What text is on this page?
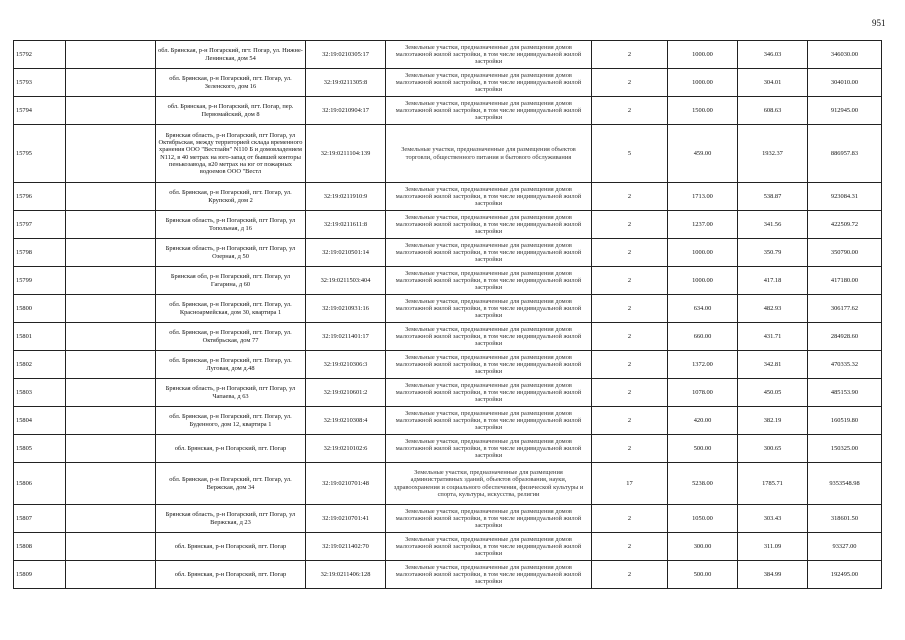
951
15792		обл. Брянская, р-н Погарский, пгт. Погар, ул. Нижне-Ленинская, дом 54	32:19:0210305:17	Земельные участки, предназначенные для размещения домов малоэтажной жилой застройки, в том числе индивидуальной жилой застройки	2	1000.00	346.03	346030.00
15793		обл. Брянская, р-н Погарский, пгт. Погар, ул. Зеленского, дом 16	32:19:0211305:8	Земельные участки, предназначенные для размещения домов малоэтажной жилой застройки, в том числе индивидуальной жилой застройки	2	1000.00	304.01	304010.00
15794		обл. Брянская, р-н Погарский, пгт. Погар, пер. Первомайский, дом 8	32:19:0210904:17	Земельные участки, предназначенные для размещения домов малоэтажной жилой застройки, в том числе индивидуальной жилой застройки	2	1500.00	608.63	912945.00
15795		Брянская область, р-н Погарский, пгт Погар, ул Октябрьская, между территорией склада временного хранения ООО "Вестлайн" N110 Б и домовладением N112, в 40 метрах на юго-запад от бывшей конторы пенькозавода, в20 метрах на юг от пожарных водоемов ООО "Вестл	32:19:0211104:139	Земельные участки, предназначенные для размещения объектов торговли, общественного питания и бытового обслуживания	5	459.00	1932.37	886957.83
15796		обл. Брянская, р-н Погарский, пгт. Погар, ул. Крупской, дом 2	32:19:0211910:9	Земельные участки, предназначенные для размещения домов малоэтажной жилой застройки, в том числе индивидуальной жилой застройки	2	1713.00	538.87	923084.31
15797		Брянская область, р-н Погарский, пгт Погар, ул Топольная, д 16	32:19:0211611:8	Земельные участки, предназначенные для размещения домов малоэтажной жилой застройки, в том числе индивидуальной жилой застройки	2	1237.00	341.56	422509.72
15798		Брянская область, р-н Погарский, пгт Погар, ул Озерная, д 50	32:19:0210501:14	Земельные участки, предназначенные для размещения домов малоэтажной жилой застройки, в том числе индивидуальной жилой застройки	2	1000.00	350.79	350790.00
15799		Брянская обл, р-н Погарский, пгт. Погар, ул Гагарина, д 60	32:19:0211503:404	Земельные участки, предназначенные для размещения домов малоэтажной жилой застройки, в том числе индивидуальной жилой застройки	2	1000.00	417.18	417180.00
15800		обл. Брянская, р-н Погарский, пгт. Погар, ул. Красноармейская, дом 30, квартира 1	32:19:0210931:16	Земельные участки, предназначенные для размещения домов малоэтажной жилой застройки, в том числе индивидуальной жилой застройки	2	634.00	482.93	306177.62
15801		обл. Брянская, р-н Погарский, пгт. Погар, ул. Октябрьская, дом 77	32:19:0211401:17	Земельные участки, предназначенные для размещения домов малоэтажной жилой застройки, в том числе индивидуальной жилой застройки	2	660.00	431.71	284928.60
15802		обл. Брянская, р-н Погарский, пгт. Погар, ул. Луговая, дом д.48	32:19:0210306:3	Земельные участки, предназначенные для размещения домов малоэтажной жилой застройки, в том числе индивидуальной жилой застройки	2	1372.00	342.81	470335.32
15803		Брянская область, р-н Погарский, пгт Погар, ул Чапаева, д 63	32:19:0210601:2	Земельные участки, предназначенные для размещения домов малоэтажной жилой застройки, в том числе индивидуальной жилой застройки	2	1078.00	450.05	485153.90
15804		обл. Брянская, р-н Погарский, пгт. Погар, ул. Буденного, дом 12, квартира 1	32:19:0210308:4	Земельные участки, предназначенные для размещения домов малоэтажной жилой застройки, в том числе индивидуальной жилой застройки	2	420.00	382.19	160519.80
15805		обл. Брянская, р-н Погарский, пгт. Погар	32:19:0210102:6	Земельные участки, предназначенные для размещения домов малоэтажной жилой застройки, в том числе индивидуальной жилой застройки	2	500.00	300.65	150325.00
15806		обл. Брянская, р-н Погарский, пгт. Погар, ул. Вержская, дом 34	32:19:0210701:48	Земельные участки, предназначенные для размещения административных зданий, объектов образования, науки, здравоохранения и социального обеспечения, физической культуры и спорта, культуры, искусства, религии	17	5238.00	1785.71	9353548.98
15807		Брянская область, р-н Погарский, пгт Погар, ул Вержская, д 23	32:19:0210701:41	Земельные участки, предназначенные для размещения домов малоэтажной жилой застройки, в том числе индивидуальной жилой застройки	2	1050.00	303.43	318601.50
15808		обл. Брянская, р-н Погарский, пгт. Погар	32:19:0211402:70	Земельные участки, предназначенные для размещения домов малоэтажной жилой застройки, в том числе индивидуальной жилой застройки	2	300.00	311.09	93327.00
15809		обл. Брянская, р-н Погарский, пгт. Погар	32:19:0211406:128	Земельные участки, предназначенные для размещения домов малоэтажной жилой застройки, в том числе индивидуальной жилой застройки	2	500.00	384.99	192495.00
